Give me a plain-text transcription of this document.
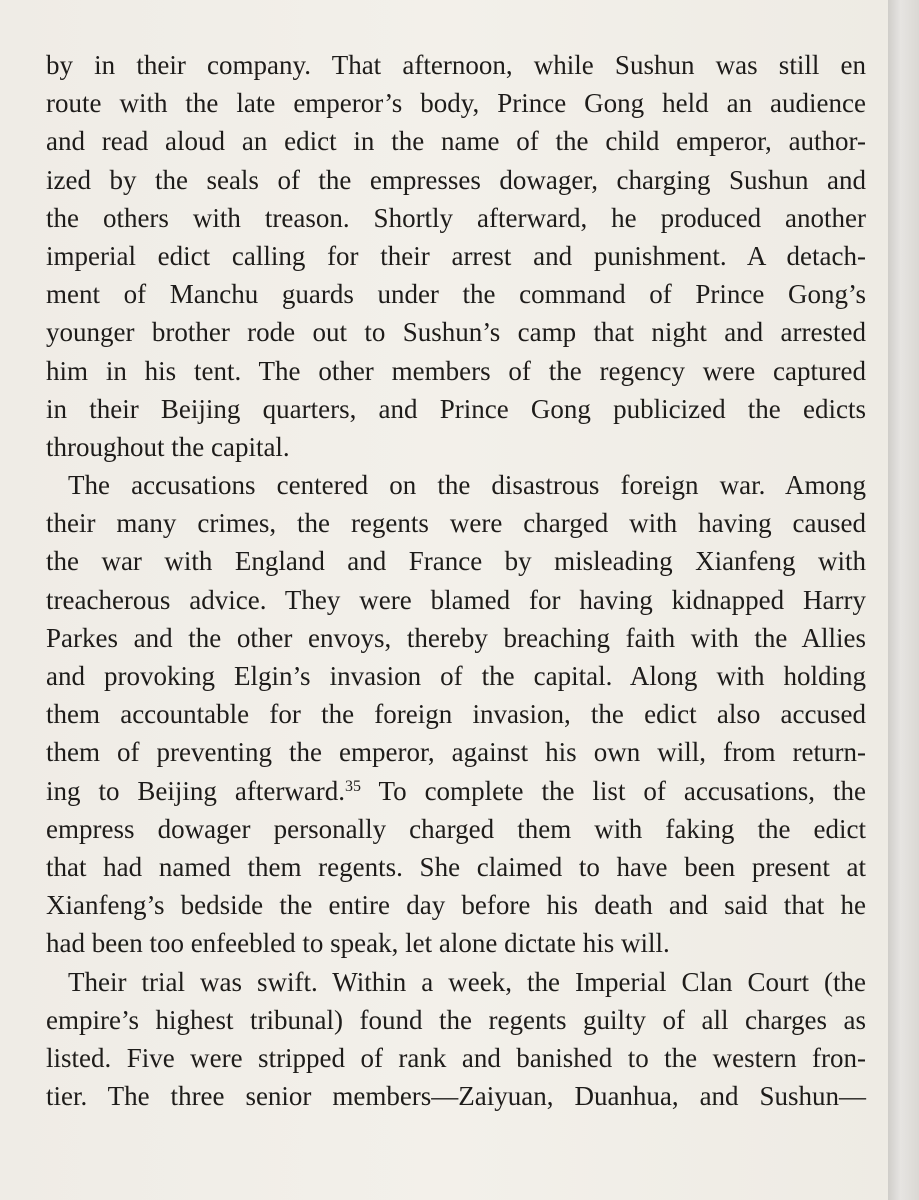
by in their company. That afternoon, while Sushun was still en
route with the late emperor’s body, Prince Gong held an audience
and read aloud an edict in the name of the child emperor, author-
ized by the seals of the empresses dowager, charging Sushun and
the others with treason. Shortly afterward, he produced another
imperial edict calling for their arrest and punishment. A detach-
ment of Manchu guards under the command of Prince Gong’s
younger brother rode out to Sushun’s camp that night and arrested
him in his tent. The other members of the regency were captured
in their Beijing quarters, and Prince Gong publicized the edicts
throughout the capital.
The accusations centered on the disastrous foreign war. Among
their many crimes, the regents were charged with having caused
the war with England and France by misleading Xianfeng with
treacherous advice. They were blamed for having kidnapped Harry
Parkes and the other envoys, thereby breaching faith with the Allies
and provoking Elgin’s invasion of the capital. Along with holding
them accountable for the foreign invasion, the edict also accused
them of preventing the emperor, against his own will, from return-
ing to Beijing afterward.$^{35}$ To complete the list of accusations, the
empress dowager personally charged them with faking the edict
that had named them regents. She claimed to have been present at
Xianfeng’s bedside the entire day before his death and said that he
had been too enfeebled to speak, let alone dictate his will.
Their trial was swift. Within a week, the Imperial Clan Court (the
empire’s highest tribunal) found the regents guilty of all charges as
listed. Five were stripped of rank and banished to the western fron-
tier. The three senior members—Zaiyuan, Duanhua, and Sushun—
